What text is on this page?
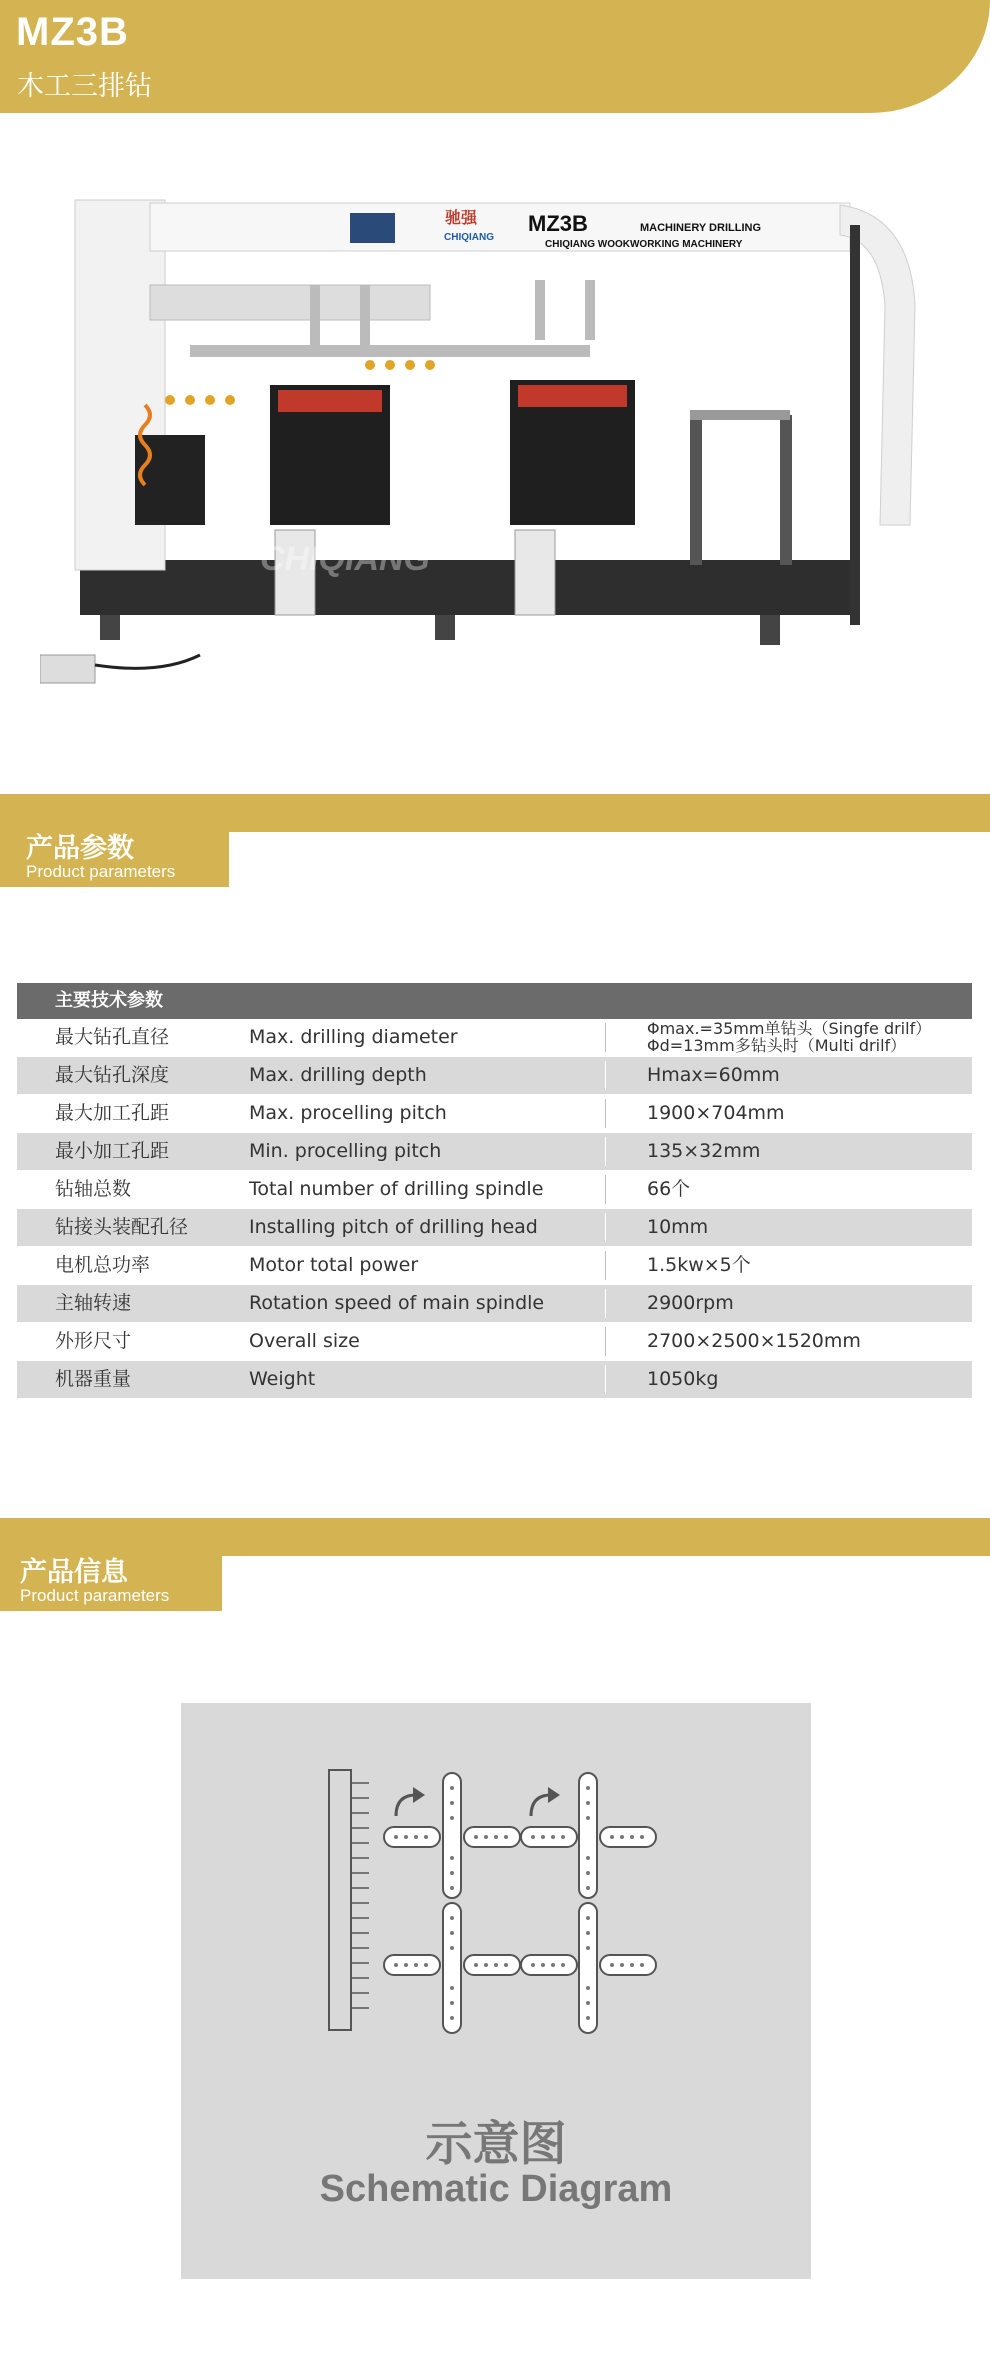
MZ3B
木工三排钻
驰强
CHIQIANG
MZ3B	MACHINERY DRILLING
CHIQIANG WOOKWORKING MACHINERY
CHIQIANG
产品参数
Product parameters
主要技术参数
最大钻孔直径	Max. drilling diameter	Φmax.=35mm单钻头（Singfe drilf）
Φd=13mm多钻头时（Multi drilf）
最大钻孔深度	Max. drilling depth	Hmax=60mm
最大加工孔距	Max. procelling pitch	1900×704mm
最小加工孔距	Min. procelling pitch	135×32mm
钻轴总数	Total number of drilling spindle	66个
钻接头装配孔径	Installing pitch of drilling head	10mm
电机总功率	Motor total power	1.5kw×5个
主轴转速	Rotation speed of main spindle	2900rpm
外形尺寸	Overall size	2700×2500×1520mm
机器重量	Weight	1050kg
产品信息
Product parameters
示意图
Schematic Diagram
